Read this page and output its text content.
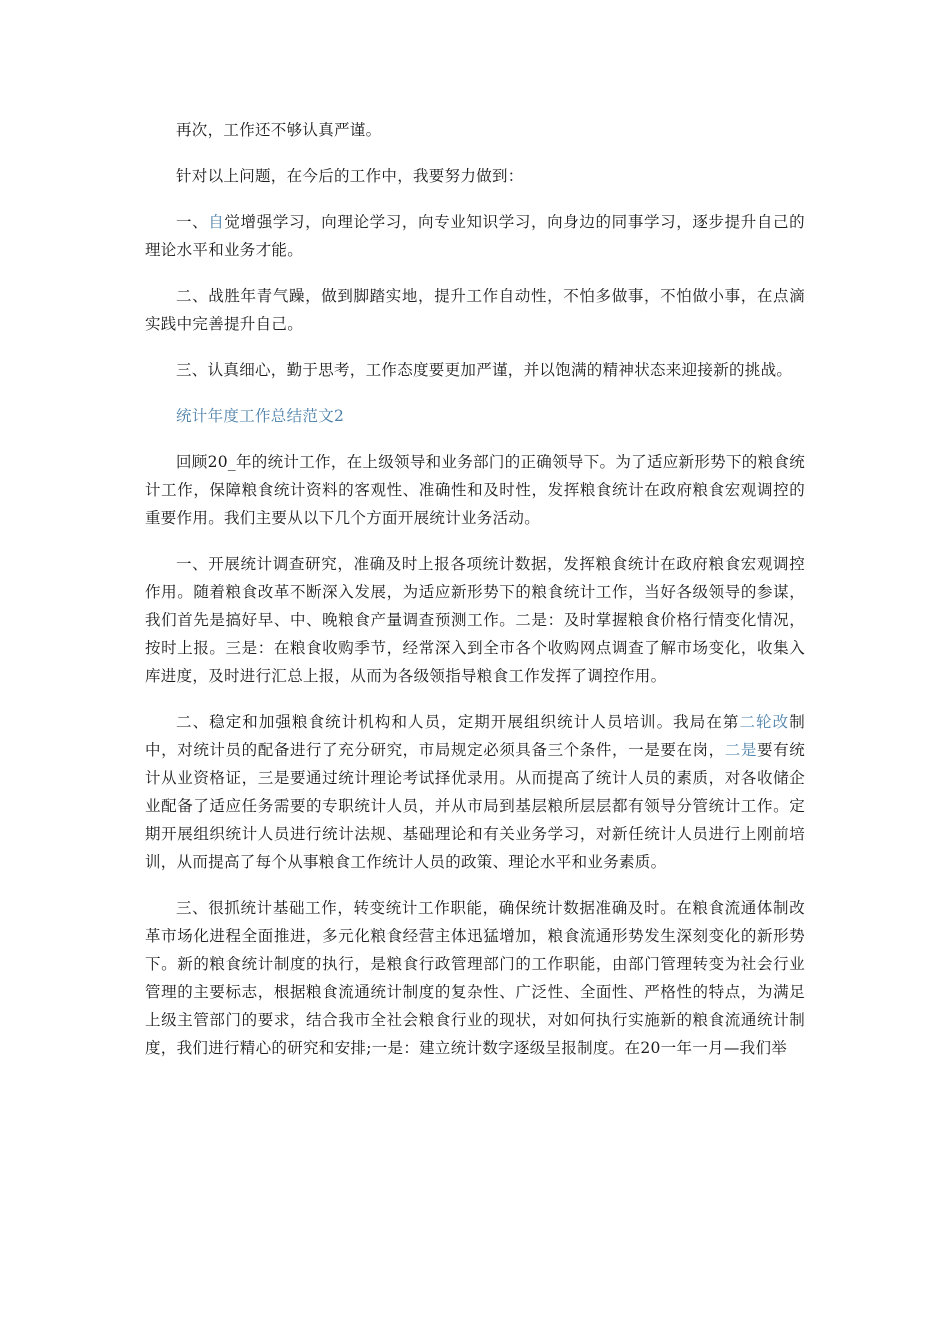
再次，工作还不够认真严谨。

针对以上问题，在今后的工作中，我要努力做到：

一、自觉增强学习，向理论学习，向专业知识学习，向身边的同事学习，逐步提升自己的理论水平和业务才能。

二、战胜年青气躁，做到脚踏实地，提升工作自动性，不怕多做事，不怕做小事，在点滴实践中完善提升自己。

三、认真细心，勤于思考，工作态度要更加严谨，并以饱满的精神状态来迎接新的挑战。

统计年度工作总结范文2

回顾20_年的统计工作，在上级领导和业务部门的正确领导下。为了适应新形势下的粮食统计工作，保障粮食统计资料的客观性、准确性和及时性，发挥粮食统计在政府粮食宏观调控的重要作用。我们主要从以下几个方面开展统计业务活动。

一、开展统计调查研究，准确及时上报各项统计数据，发挥粮食统计在政府粮食宏观调控作用。随着粮食改革不断深入发展，为适应新形势下的粮食统计工作，当好各级领导的参谋，我们首先是搞好早、中、晚粮食产量调查预测工作。二是：及时掌握粮食价格行情变化情况，按时上报。三是：在粮食收购季节，经常深入到全市各个收购网点调查了解市场变化，收集入库进度，及时进行汇总上报，从而为各级领指导粮食工作发挥了调控作用。

二、稳定和加强粮食统计机构和人员，定期开展组织统计人员培训。我局在第二轮改制中，对统计员的配备进行了充分研究，市局规定必须具备三个条件，一是要在岗，二是要有统计从业资格证，三是要通过统计理论考试择优录用。从而提高了统计人员的素质，对各收储企业配备了适应任务需要的专职统计人员，并从市局到基层粮所层层都有领导分管统计工作。定期开展组织统计人员进行统计法规、基础理论和有关业务学习，对新任统计人员进行上刚前培训，从而提高了每个从事粮食工作统计人员的政策、理论水平和业务素质。

三、很抓统计基础工作，转变统计工作职能，确保统计数据准确及时。在粮食流通体制改革市场化进程全面推进，多元化粮食经营主体迅猛增加，粮食流通形势发生深刻变化的新形势下。新的粮食统计制度的执行，是粮食行政管理部门的工作职能，由部门管理转变为社会行业管理的主要标志，根据粮食流通统计制度的复杂性、广泛性、全面性、严格性的特点，为满足上级主管部门的要求，结合我市全社会粮食行业的现状，对如何执行实施新的粮食流通统计制度，我们进行精心的研究和安排;一是：建立统计数字逐级呈报制度。在20一年一月—我们举
